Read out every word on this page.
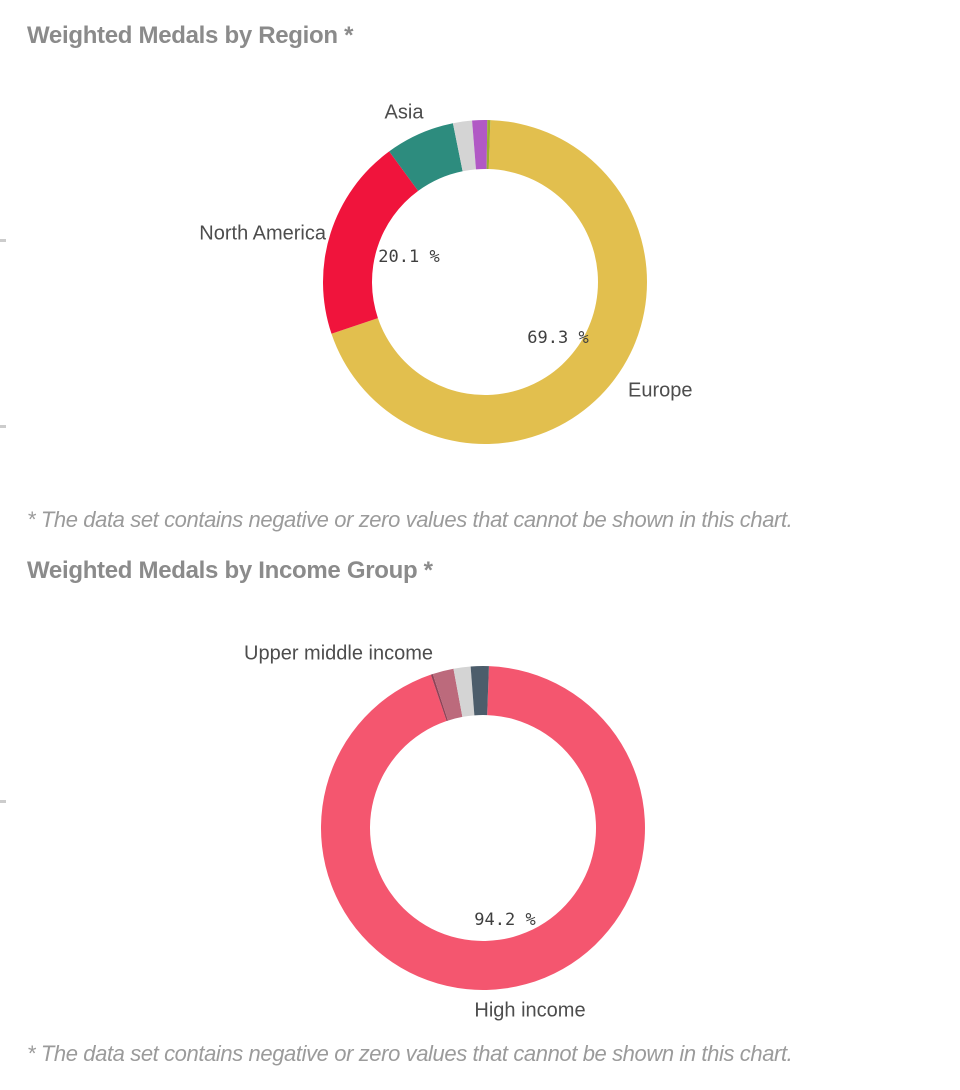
Weighted Medals by Region *
Asia
North America
Europe
69.3 %
20.1 %
Upper middle income
High income
94.2 %

* The data set contains negative or zero values that cannot be shown in this chart.

Weighted Medals by Income Group *

* The data set contains negative or zero values that cannot be shown in this chart.
